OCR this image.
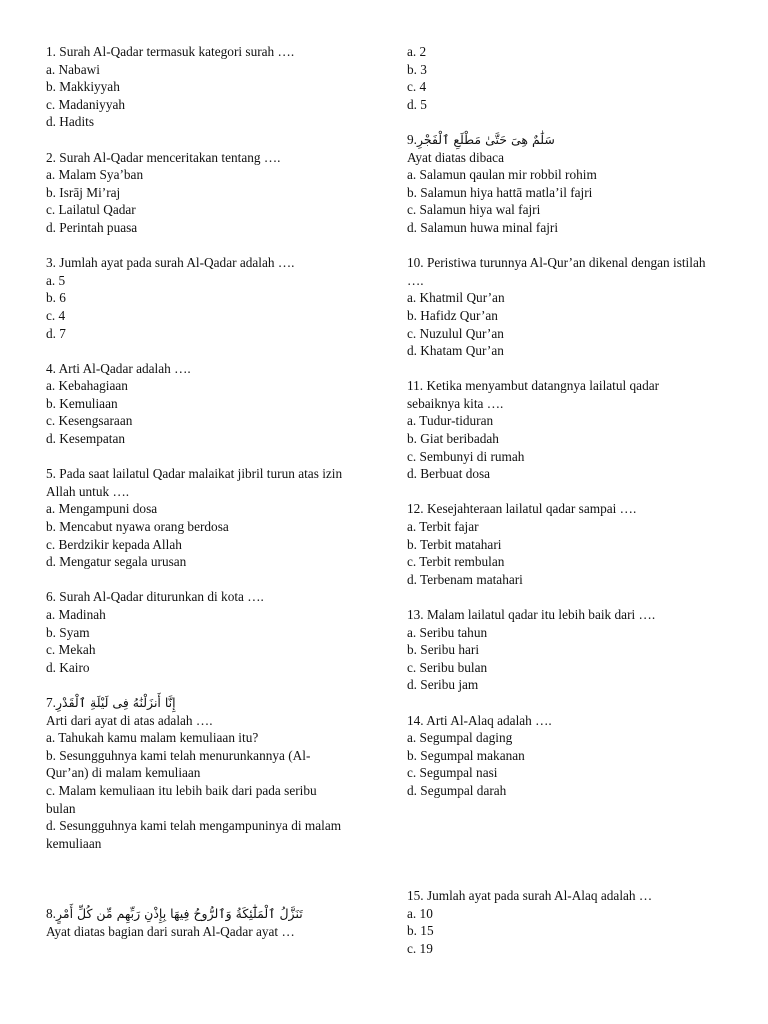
1. Surah Al-Qadar termasuk kategori surah ….
a. Nabawi
b. Makkiyyah
c. Madaniyyah
d. Hadits
2. Surah Al-Qadar menceritakan tentang ….
a. Malam Sya’ban
b. Isrāj Mi’raj
c. Lailatul Qadar
d. Perintah puasa
3. Jumlah ayat pada surah Al-Qadar adalah ….
a. 5
b. 6
c. 4
d. 7
4. Arti Al-Qadar adalah ….
a. Kebahagiaan
b. Kemuliaan
c. Kesengsaraan
d. Kesempatan
5. Pada saat lailatul Qadar malaikat jibril turun atas izin Allah untuk ….
a. Mengampuni dosa
b. Mencabut nyawa orang berdosa
c. Berdzikir kepada Allah
d. Mengatur segala urusan
6. Surah Al-Qadar diturunkan di kota ….
a. Madinah
b. Syam
c. Mekah
d. Kairo
7.إِنَّا أَنزَلْنَٰهُ فِى لَيْلَةِ ٱلْقَدْرِ
Arti dari ayat di atas adalah ….
a. Tahukah kamu malam kemuliaan itu?
b. Sesungguhnya kami telah menurunkannya (Al-Qur’an) di malam kemuliaan
c. Malam kemuliaan itu lebih baik dari pada seribu bulan
d. Sesungguhnya kami telah mengampuninya di malam kemuliaan
8.تَنَزَّلُ ٱلْمَلَٰٓئِكَةُ وَٱلرُّوحُ فِيهَا بِإِذْنِ رَبِّهِم مِّن كُلِّ أَمْرٍ
Ayat diatas bagian dari surah Al-Qadar ayat …
a. 2
b. 3
c. 4
d. 5
9.سَلَٰمٌ هِىَ حَتَّىٰ مَطْلَعِ ٱلْفَجْرِ
Ayat diatas dibaca
a. Salamun qaulan mir robbil rohim
b. Salamun hiya hattā matla’il fajri
c. Salamun hiya wal fajri
d. Salamun huwa minal fajri
10. Peristiwa turunnya Al-Qur’an dikenal dengan istilah ….
a. Khatmil Qur’an
b. Hafidz Qur’an
c. Nuzulul Qur’an
d. Khatam Qur’an
11. Ketika menyambut datangnya lailatul qadar sebaiknya kita ….
a. Tudur-tiduran
b. Giat beribadah
c. Sembunyi di rumah
d. Berbuat dosa
12. Kesejahteraan lailatul qadar sampai ….
a. Terbit fajar
b. Terbit matahari
c. Terbit rembulan
d. Terbenam matahari
13. Malam lailatul qadar itu lebih baik dari ….
a. Seribu tahun
b. Seribu hari
c. Seribu bulan
d. Seribu jam
14. Arti Al-Alaq adalah ….
a. Segumpal daging
b. Segumpal makanan
c. Segumpal nasi
d. Segumpal darah
15. Jumlah ayat pada surah Al-Alaq adalah …
a. 10
b. 15
c. 19
